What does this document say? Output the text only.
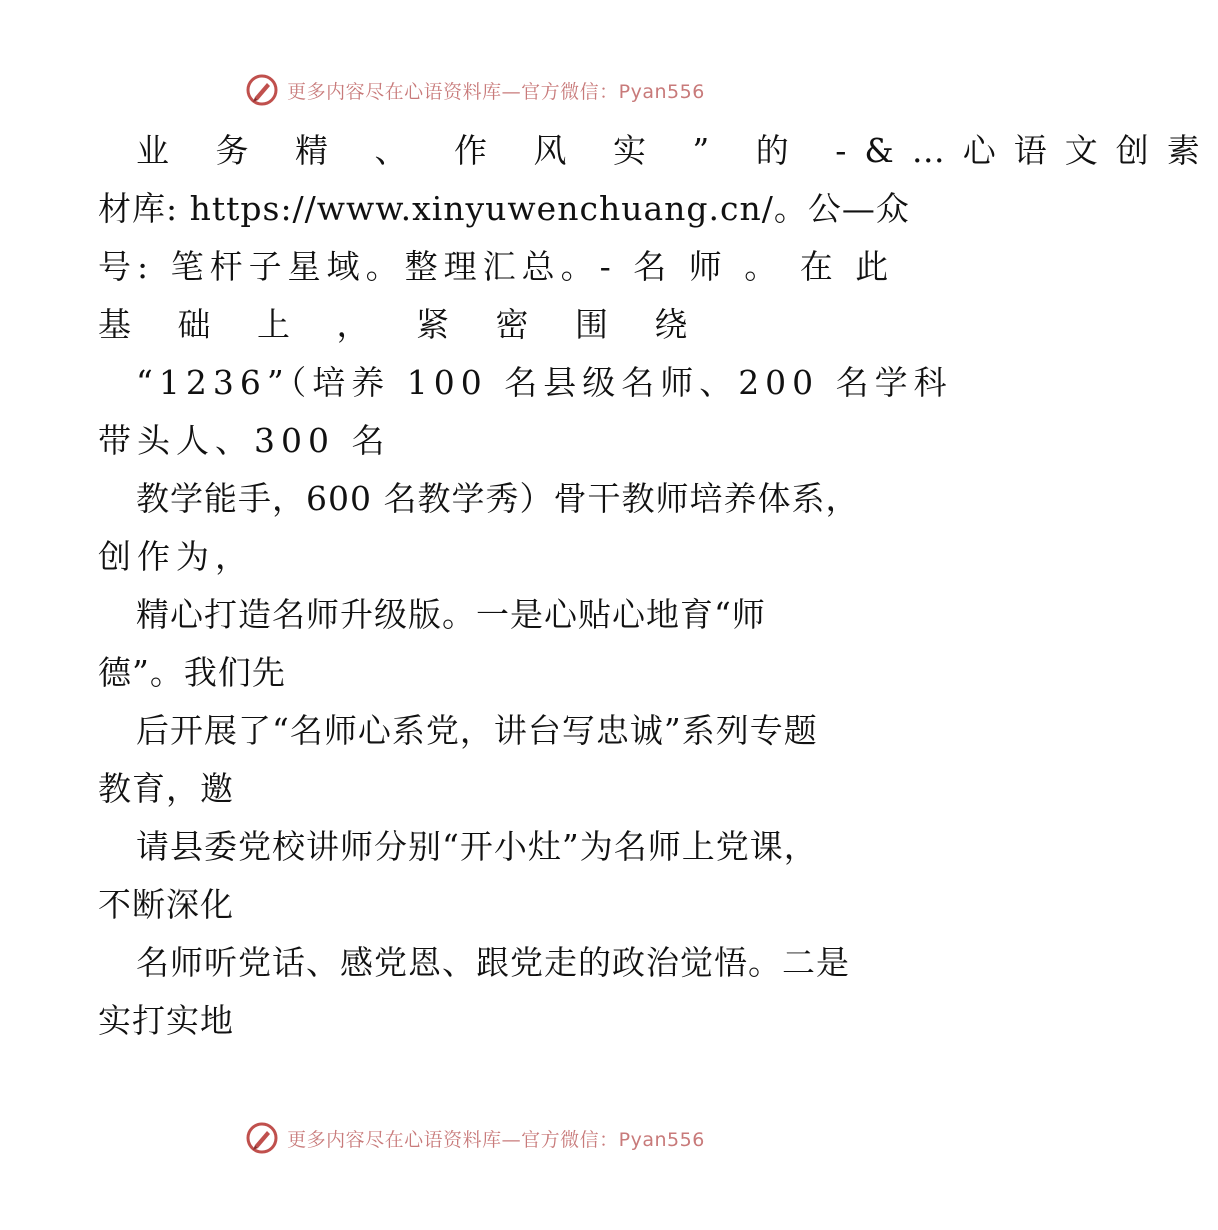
更多内容尽在心语资料库—官方微信：Pyan556
业 务 精 、 作 风 实 ” 的 -&…心语文创素
材库: https://www.xinyuwenchuang.cn/。公—众
号: 笔杆子星域。整理汇总。- 名 师 。 在 此
基 础 上 ， 紧 密 围 绕
“1236”（培养 100 名县级名师、200 名学科
带头人、300 名
教学能手，600 名教学秀）骨干教师培养体系，
创作为，
精心打造名师升级版。一是心贴心地育“师
德”。我们先
后开展了“名师心系党，讲台写忠诚”系列专题
教育，邀
请县委党校讲师分别“开小灶”为名师上党课，
不断深化
名师听党话、感党恩、跟党走的政治觉悟。二是
实打实地
更多内容尽在心语资料库—官方微信：Pyan556
